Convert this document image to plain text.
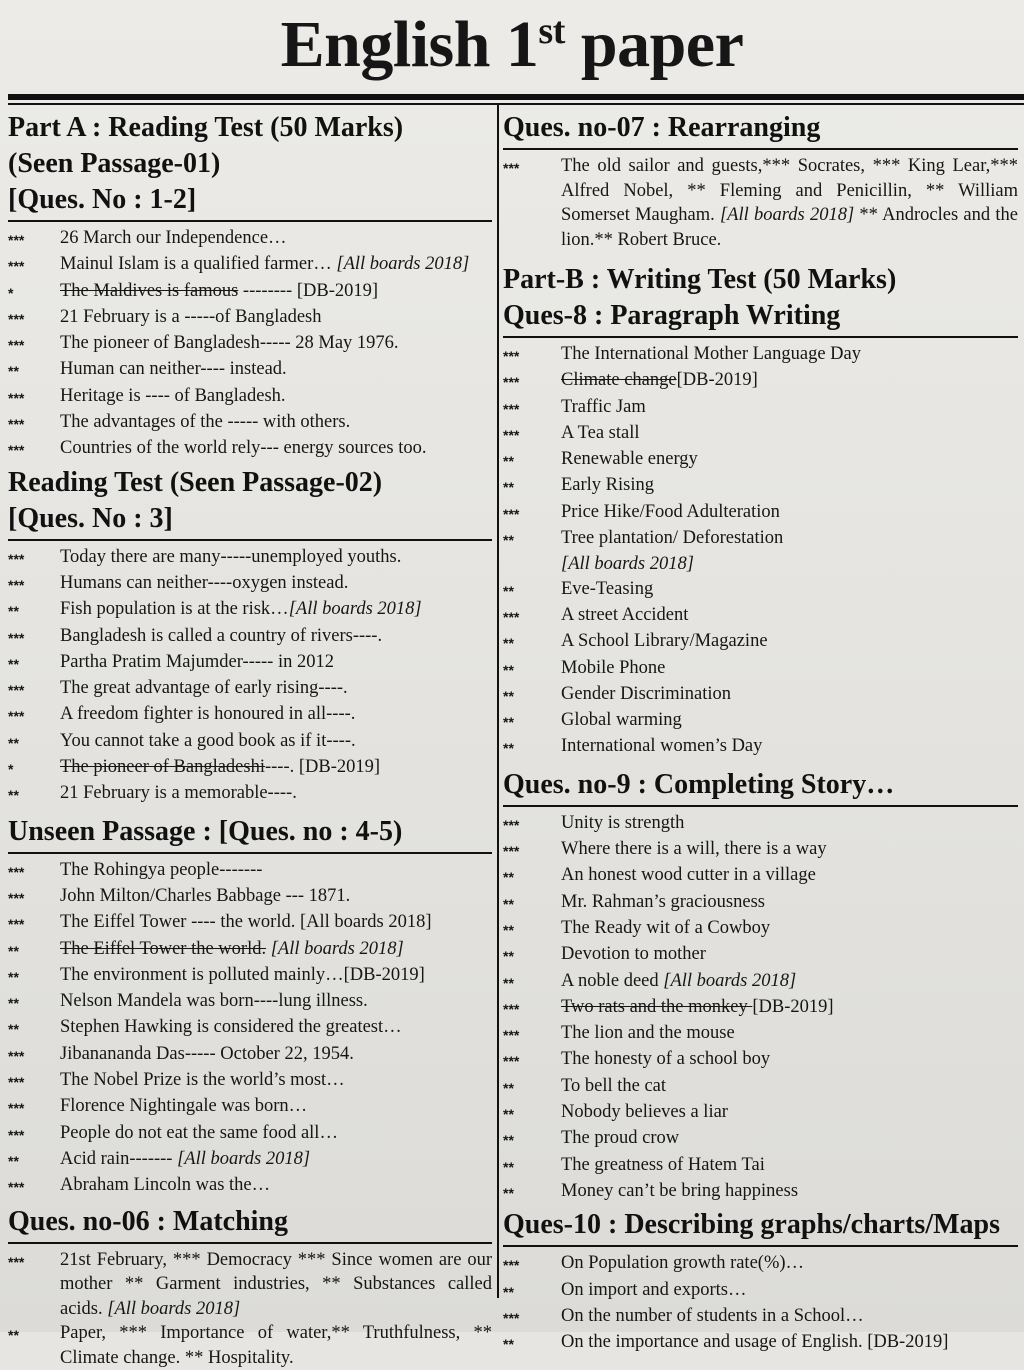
English 1st paper
Part A : Reading Test (50 Marks)
(Seen Passage-01)
[Ques. No : 1-2]
***	26 March our Independence…
***	Mainul Islam is a qualified farmer… [All boards 2018]
*	The Maldives is famous -------- [DB-2019]
***	21 February is a -----of Bangladesh
***	The pioneer of Bangladesh----- 28 May 1976.
**	Human can neither---- instead.
***	Heritage is ---- of Bangladesh.
***	The advantages of the ----- with others.
***	Countries of the world rely--- energy sources too.
Reading Test (Seen Passage-02)
[Ques. No : 3]
***	Today there are many-----unemployed youths.
***	Humans can neither----oxygen instead.
**	Fish population is at the risk…[All boards 2018]
***	Bangladesh is called a country of rivers----.
**	Partha Pratim Majumder----- in 2012
***	The great advantage of early rising----.
***	A freedom fighter is honoured in all----.
**	You cannot take a good book as if it----.
*	The pioneer of Bangladeshi----. [DB-2019]
**	21 February is a memorable----.
Unseen Passage : [Ques. no : 4-5)
***	The Rohingya people-------
***	John Milton/Charles Babbage --- 1871.
***	The Eiffel Tower ---- the world. [All boards 2018]
**	The Eiffel Tower the world. [All boards 2018]
**	The environment is polluted mainly…[DB-2019]
**	Nelson Mandela was born----lung illness.
**	Stephen Hawking is considered the greatest…
***	Jibanananda Das----- October 22, 1954.
***	The Nobel Prize is the world’s most…
***	Florence Nightingale was born…
***	People do not eat the same food all…
**	Acid rain------- [All boards 2018]
***	Abraham Lincoln was the…
Ques. no-06 : Matching
***	21st February, *** Democracy *** Since women are our mother ** Garment industries, ** Substances called acids. [All boards 2018]
**	Paper, *** Importance of water,** Truthfulness, ** Climate change. ** Hospitality.
Ques. no-07 : Rearranging
***	The old sailor and guests,*** Socrates, *** King Lear,*** Alfred Nobel, ** Fleming and Penicillin, ** William Somerset Maugham. [All boards 2018] ** Androcles and the lion.** Robert Bruce.
Part-B : Writing Test (50 Marks)
Ques-8 : Paragraph Writing
***	The International Mother Language Day
***	Climate change[DB-2019]
***	Traffic Jam
***	A Tea stall
**	Renewable energy
**	Early Rising
***	Price Hike/Food Adulteration
**	Tree plantation/ Deforestation
[All boards 2018]
**	Eve-Teasing
***	A street Accident
**	A School Library/Magazine
**	Mobile Phone
**	Gender Discrimination
**	Global warming
**	International women’s Day
Ques. no-9 : Completing Story…
***	Unity is strength
***	Where there is a will, there is a way
**	An honest wood cutter in a village
**	Mr. Rahman’s graciousness
**	The Ready wit of a Cowboy
**	Devotion to mother
**	A noble deed [All boards 2018]
***	Two rats and the monkey [DB-2019]
***	The lion and the mouse
***	The honesty of a school boy
**	To bell the cat
**	Nobody believes a liar
**	The proud crow
**	The greatness of Hatem Tai
**	Money can’t be bring happiness
Ques-10 : Describing graphs/charts/Maps
***	On Population growth rate(%)…
**	On import and exports…
***	On the number of students in a School…
**	On the importance and usage of English. [DB-2019]
